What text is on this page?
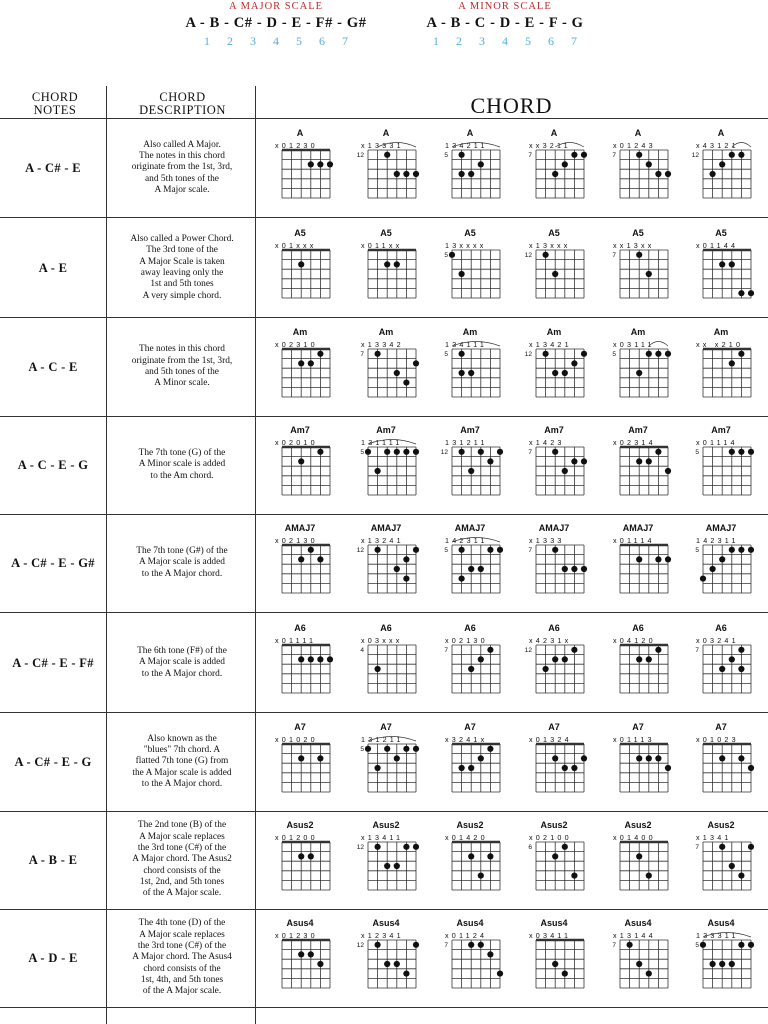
A MAJOR SCALE
A - B - C# - D - E - F# - G#
1 2 3 4 5 6 7
A MINOR SCALE
A - B - C - D - E - F - G
1 2 3 4 5 6 7
CHORD
NOTES
CHORD
DESCRIPTION	CHORD
A - C# - E
Also called A Major.
The notes in this chord
originate from the 1st, 3rd,
and 5th tones of the
A Major scale.
A
x01230
A
x13331
12
A
134211
5
A
xx3211
7
A
x01243
7
A
x43121
12
A - E
Also called a Power Chord.
The 3rd tone of the
A Major Scale is taken
away leaving only the
1st and 5th tones
A very simple chord.
A5
x01xxx
A5
x011xx
A5
13xxxx
5
A5
x13xxx
12
A5
xx13xx
7
A5
x01144
A - C - E
The notes in this chord
originate from the 1st, 3rd,
and 5th tones of the
A Minor scale.
Am
x02310
Am
x13342
7
Am
134111
5
Am
x13421
12
Am
x03111
5
Am
xx x210
A - C - E - G
The 7th tone (G) of the
A Minor scale is added
to the Am chord.
Am7
x02010
Am7
131111
5
Am7
131211
12
Am7
x1423
7
Am7
x02314
Am7
x01114
5
A - C# - E - G#
The 7th tone (G#) of the
A Major scale is added
to the A Major chord.
AMAJ7
x02130
AMAJ7
x13241
12
AMAJ7
142311
5
AMAJ7
x1333
7
AMAJ7
x01114
AMAJ7
142311
5
A - C# - E - F#
The 6th tone (F#) of the
A Major scale is added
to the A Major chord.
A6
x01111
A6
x03xxx
4
A6
x02130
7
A6
x4231x
12
A6
x04120
A6
x03241
7
A - C# - E - G
Also known as the
"blues" 7th chord. A
flatted 7th tone (G) from
the A Major scale is added
to the A Major chord.
A7
x01020
A7
131211
5
A7
x3241x
A7
x01324
A7
x01113
A7
x01023
A - B - E
The 2nd tone (B) of the
A Major scale replaces
the 3rd tone (C#) of the
A Major chord. The Asus2
chord consists of the
1st, 2nd, and 5th tones
of the A Major scale.
Asus2
x01200
Asus2
x13411
12
Asus2
x01420
Asus2
x02100
6
Asus2
x01400
Asus2
x1341
7
A - D - E
The 4th tone (D) of the
A Major scale replaces
the 3rd tone (C#) of the
A Major chord. The Asus4
chord consists of the
1st, 4th, and 5th tones
of the A Major scale.
Asus4
x01230
Asus4
x12341
12
Asus4
x01124
7
Asus4
x03411
Asus4
x13144
7
Asus4
133311
5
